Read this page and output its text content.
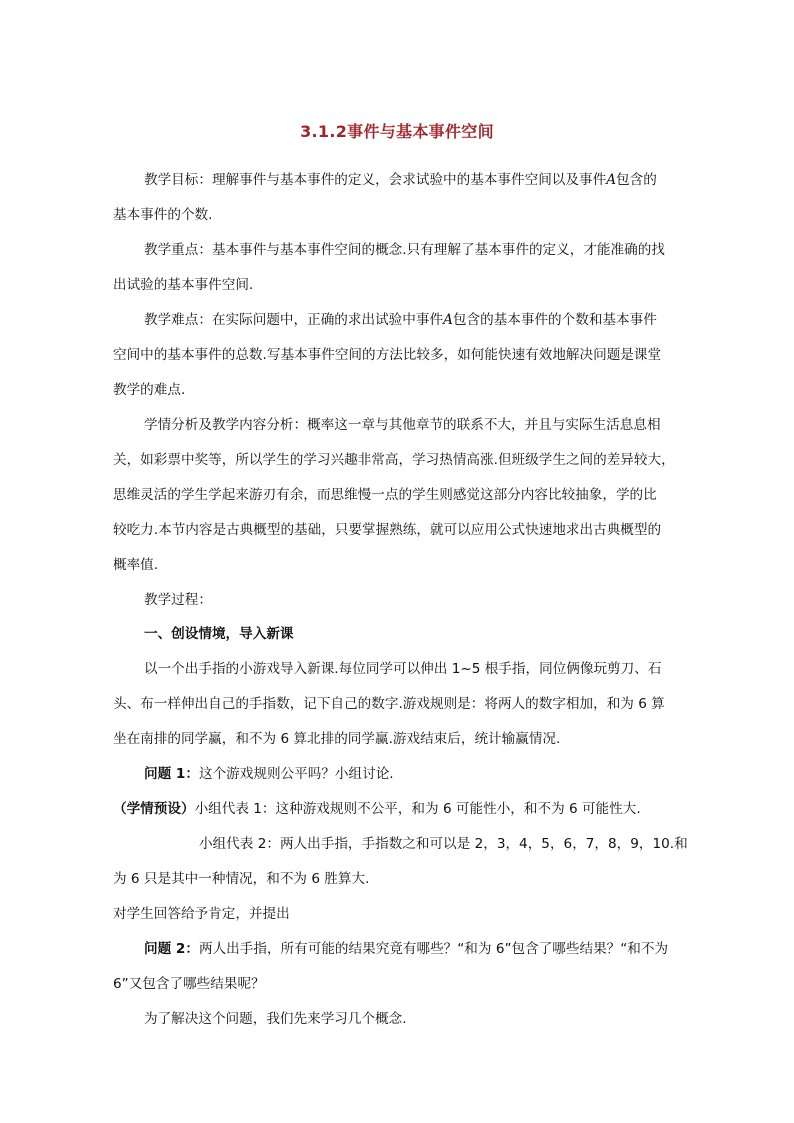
3.1.2事件与基本事件空间
教学目标：理解事件与基本事件的定义，会求试验中的基本事件空间以及事件A包含的
基本事件的个数.
教学重点：基本事件与基本事件空间的概念.只有理解了基本事件的定义，才能准确的找
出试验的基本事件空间.
教学难点：在实际问题中，正确的求出试验中事件A包含的基本事件的个数和基本事件
空间中的基本事件的总数.写基本事件空间的方法比较多，如何能快速有效地解决问题是课堂
教学的难点.
学情分析及教学内容分析：概率这一章与其他章节的联系不大，并且与实际生活息息相
关，如彩票中奖等，所以学生的学习兴趣非常高，学习热情高涨.但班级学生之间的差异较大，
思维灵活的学生学起来游刃有余，而思维慢一点的学生则感觉这部分内容比较抽象，学的比
较吃力.本节内容是古典概型的基础，只要掌握熟练，就可以应用公式快速地求出古典概型的
概率值.
教学过程：
一、创设情境，导入新课
以一个出手指的小游戏导入新课.每位同学可以伸出 1~5 根手指，同位俩像玩剪刀、石
头、布一样伸出自己的手指数，记下自己的数字.游戏规则是：将两人的数字相加，和为 6 算
坐在南排的同学赢，和不为 6 算北排的同学赢.游戏结束后，统计输赢情况.
问题 1：这个游戏规则公平吗？小组讨论.
（学情预设）小组代表 1：这种游戏规则不公平，和为 6 可能性小，和不为 6 可能性大.
小组代表 2：两人出手指，手指数之和可以是 2，3，4，5，6，7，8，9，10.和
为 6 只是其中一种情况，和不为 6 胜算大.
对学生回答给予肯定，并提出
问题 2：两人出手指，所有可能的结果究竟有哪些？“和为 6”包含了哪些结果？“和不为
6”又包含了哪些结果呢？
为了解决这个问题，我们先来学习几个概念.
